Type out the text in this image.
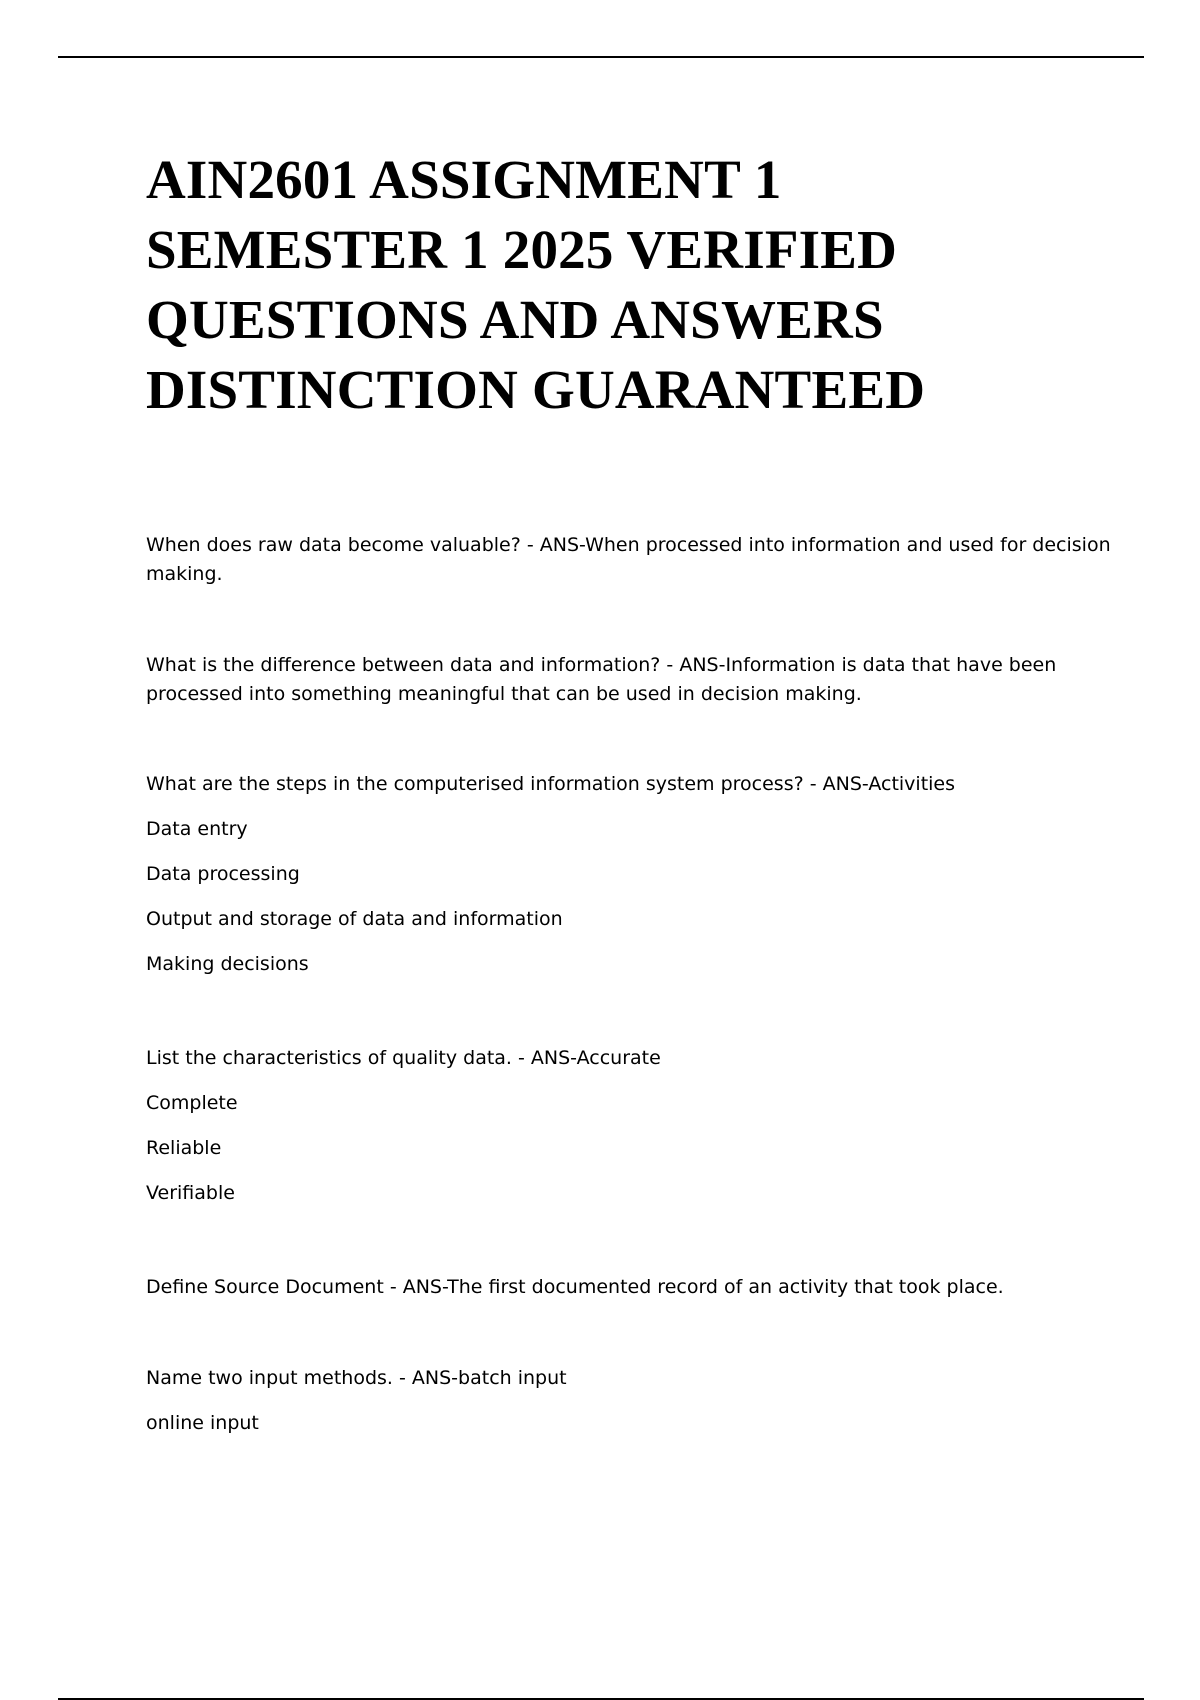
AIN2601 ASSIGNMENT 1
SEMESTER 1 2025 VERIFIED
QUESTIONS AND ANSWERS
DISTINCTION GUARANTEED

When does raw data become valuable? - ANS-When processed into information and used for decision

making.

What is the difference between data and information? - ANS-Information is data that have been

processed into something meaningful that can be used in decision making.

What are the steps in the computerised information system process? - ANS-Activities

Data entry

Data processing

Output and storage of data and information

Making decisions

List the characteristics of quality data. - ANS-Accurate

Complete

Reliable

Verifiable

Define Source Document - ANS-The first documented record of an activity that took place.

Name two input methods. - ANS-batch input

online input
